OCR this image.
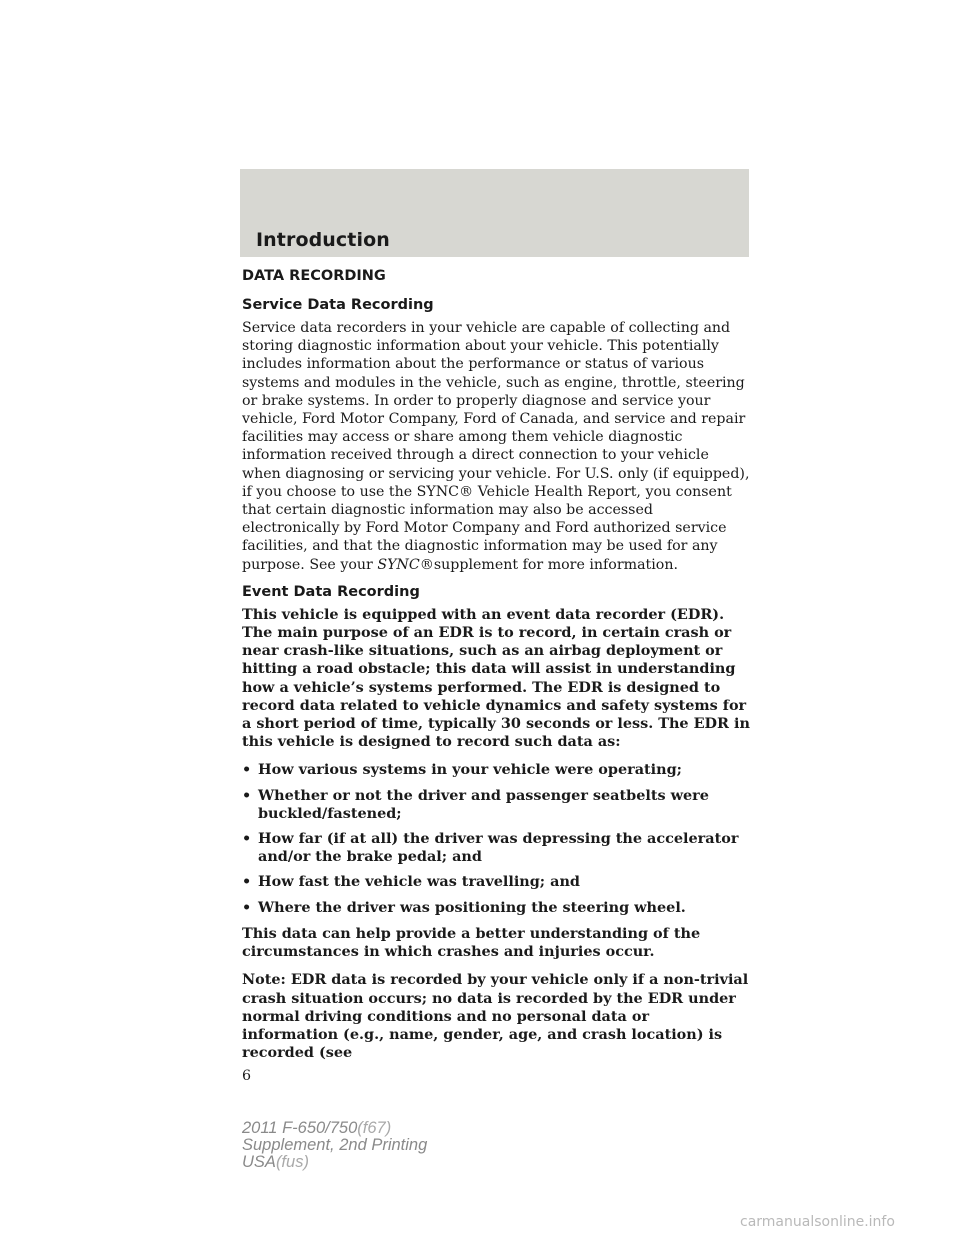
Introduction
DATA RECORDING
Service Data Recording
Service data recorders in your vehicle are capable of collecting and storing diagnostic information about your vehicle. This potentially includes information about the performance or status of various systems and modules in the vehicle, such as engine, throttle, steering or brake systems. In order to properly diagnose and service your vehicle, Ford Motor Company, Ford of Canada, and service and repair facilities may access or share among them vehicle diagnostic information received through a direct connection to your vehicle when diagnosing or servicing your vehicle. For U.S. only (if equipped), if you choose to use the SYNC® Vehicle Health Report, you consent that certain diagnostic information may also be accessed electronically by Ford Motor Company and Ford authorized service facilities, and that the diagnostic information may be used for any purpose. See your SYNC®supplement for more information.
Event Data Recording
This vehicle is equipped with an event data recorder (EDR). The main purpose of an EDR is to record, in certain crash or near crash-like situations, such as an airbag deployment or hitting a road obstacle; this data will assist in understanding how a vehicle’s systems performed. The EDR is designed to record data related to vehicle dynamics and safety systems for a short period of time, typically 30 seconds or less. The EDR in this vehicle is designed to record such data as:
• How various systems in your vehicle were operating;
• Whether or not the driver and passenger seatbelts were buckled/fastened;
• How far (if at all) the driver was depressing the accelerator and/or the brake pedal; and
• How fast the vehicle was travelling; and
• Where the driver was positioning the steering wheel.
This data can help provide a better understanding of the circumstances in which crashes and injuries occur.
Note: EDR data is recorded by your vehicle only if a non-trivial crash situation occurs; no data is recorded by the EDR under normal driving conditions and no personal data or information (e.g., name, gender, age, and crash location) is recorded (see
6
2011 F-650/750(f67)
Supplement, 2nd Printing
USA(fus)
carmanualsonline.info
